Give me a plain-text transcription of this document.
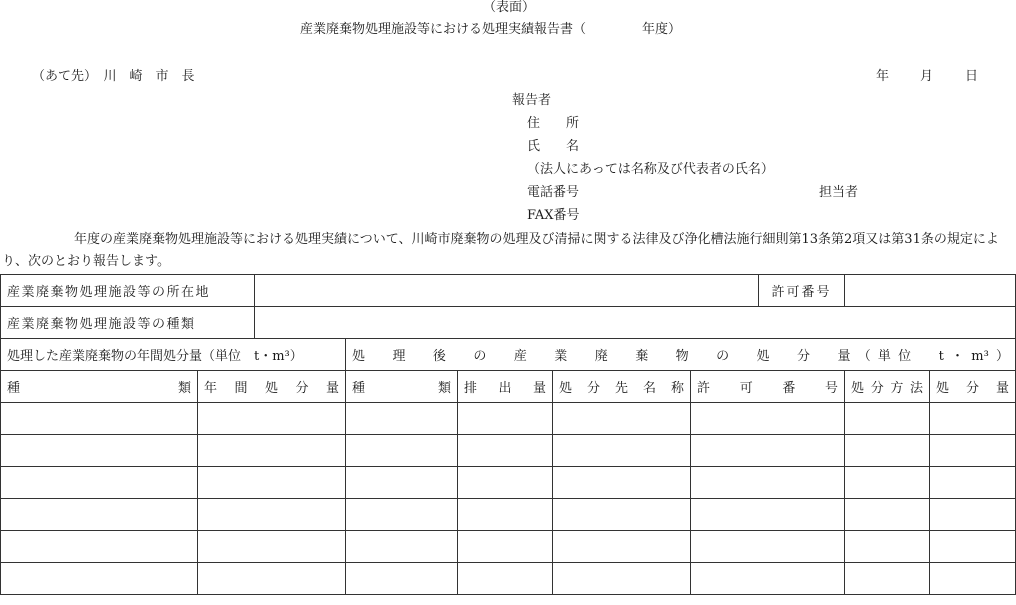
（表面）
産業廃棄物処理施設等における処理実績報告書（	年度）
（あて先）　川　崎　市　長	年 月 日
報告者
住　　所
氏　　名
（法人にあっては名称及び代表者の氏名）
電話番号	担当者
FAX番号
年度の産業廃棄物処理施設等における処理実績について、川崎市廃棄物の処理及び清掃に関する法律及び浄化槽法施行細則第13条第2項又は第31条の規定により、次のとおり報告します。
産業廃棄物処理施設等の所在地							許可番号		
産業廃棄物処理施設等の種類									
処理した産業廃棄物の年間処分量（単位　t・m³）			処　理　後　の　産　業　廃　棄　物　の　処　分　量（単位　t・m³）						
種　類	年　間　処　分　量		種　類	排　出　量	処　分　先　名　称	許可番号		処分方法	処　分　量
